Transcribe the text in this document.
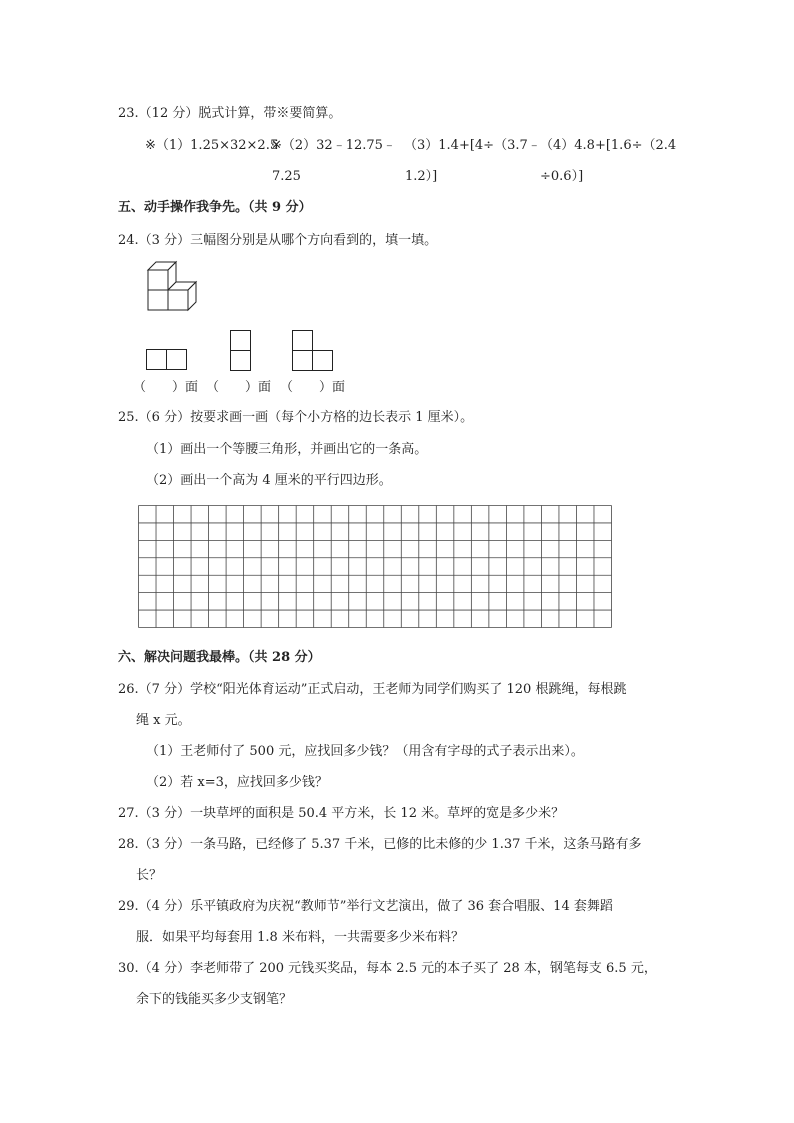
23.（12 分）脱式计算，带※要简算。
※（1）1.25×32×2.5
※（2）32﹣12.75﹣ （3）1.4+[4÷（3.7﹣ （4）4.8+[1.6÷（2.4
7.25	1.2）]	÷0.6）]
五、动手操作我争先。（共 9 分）
24.（3 分）三幅图分别是从哪个方向看到的，填一填。
（　　）面 （　　）面 （　　）面
25.（6 分）按要求画一画（每个小方格的边长表示 1 厘米）。
（1）画出一个等腰三角形，并画出它的一条高。
（2）画出一个高为 4 厘米的平行四边形。
六、解决问题我最棒。（共 28 分）
26.（7 分）学校“阳光体育运动”正式启动，王老师为同学们购买了 120 根跳绳，每根跳
绳 x 元。
（1）王老师付了 500 元，应找回多少钱？（用含有字母的式子表示出来）。
（2）若 x=3，应找回多少钱？
27.（3 分）一块草坪的面积是 50.4 平方米，长 12 米。草坪的宽是多少米？
28.（3 分）一条马路，已经修了 5.37 千米，已修的比未修的少 1.37 千米，这条马路有多
长？
29.（4 分）乐平镇政府为庆祝“教师节”举行文艺演出，做了 36 套合唱服、14 套舞蹈
服．如果平均每套用 1.8 米布料，一共需要多少米布料？
30.（4 分）李老师带了 200 元钱买奖品，每本 2.5 元的本子买了 28 本，钢笔每支 6.5 元，
余下的钱能买多少支钢笔？
